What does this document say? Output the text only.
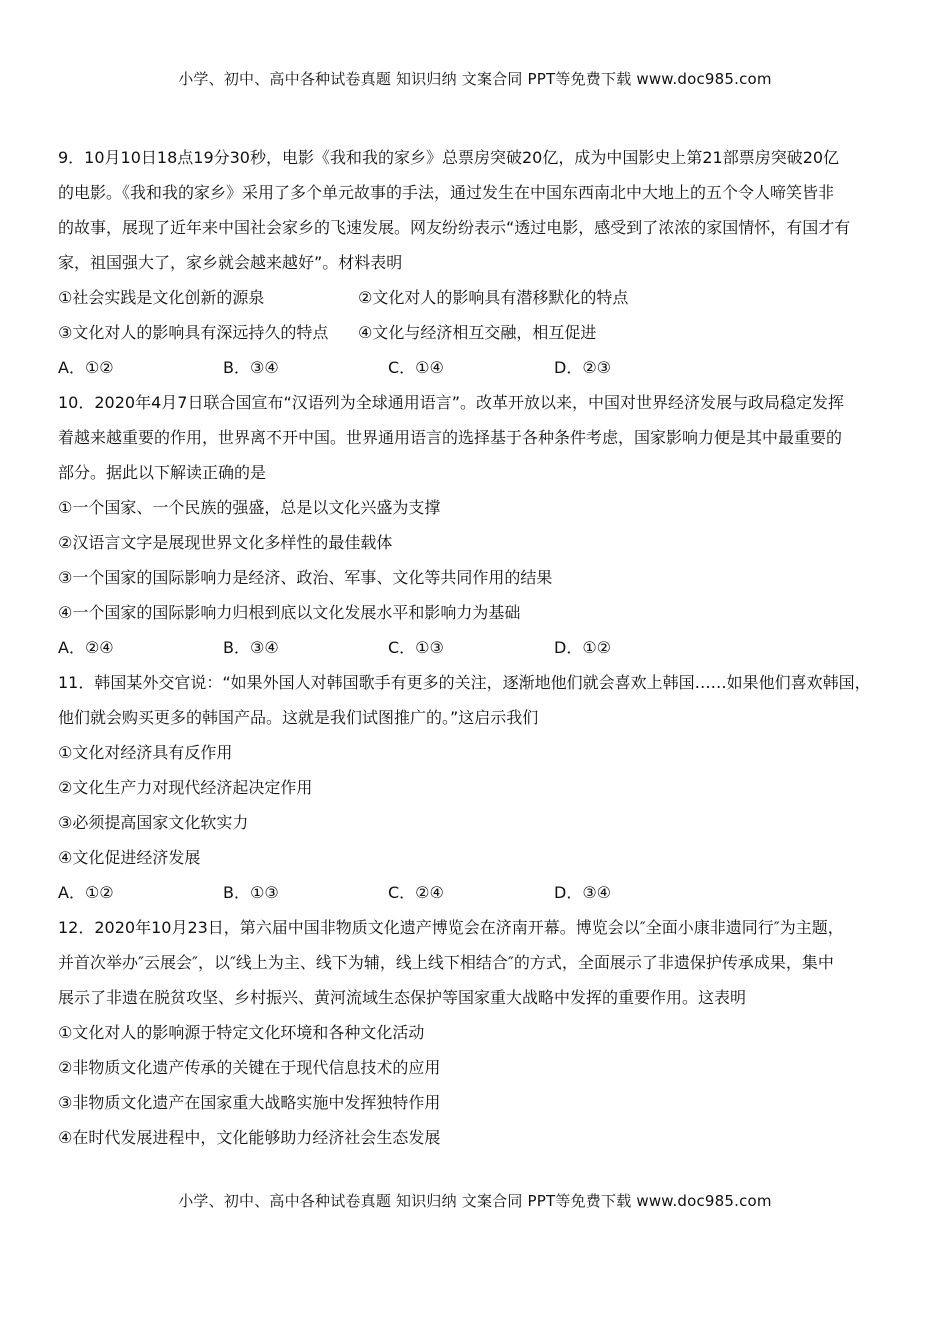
小学、初中、高中各种试卷真题 知识归纳 文案合同 PPT等免费下载 www.doc985.com
9．10月10日18点19分30秒，电影《我和我的家乡》总票房突破20亿，成为中国影史上第21部票房突破20亿
的电影。《我和我的家乡》采用了多个单元故事的手法，通过发生在中国东西南北中大地上的五个令人啼笑皆非
的故事，展现了近年来中国社会家乡的飞速发展。网友纷纷表示“透过电影，感受到了浓浓的家国情怀，有国才有
家，祖国强大了，家乡就会越来越好”。材料表明
①社会实践是文化创新的源泉	②文化对人的影响具有潜移默化的特点
③文化对人的影响具有深远持久的特点 ④文化与经济相互交融，相互促进
A．①②	B．③④	C．①④	D．②③
10．2020年4月7日联合国宣布“汉语列为全球通用语言”。改革开放以来，中国对世界经济发展与政局稳定发挥
着越来越重要的作用，世界离不开中国。世界通用语言的选择基于各种条件考虑，国家影响力便是其中最重要的
部分。据此以下解读正确的是
①一个国家、一个民族的强盛，总是以文化兴盛为支撑
②汉语言文字是展现世界文化多样性的最佳载体
③一个国家的国际影响力是经济、政治、军事、文化等共同作用的结果
④一个国家的国际影响力归根到底以文化发展水平和影响力为基础
A．②④	B．③④	C．①③	D．①②
11．韩国某外交官说：“如果外国人对韩国歌手有更多的关注，逐渐地他们就会喜欢上韩国……如果他们喜欢韩国，
他们就会购买更多的韩国产品。这就是我们试图推广的。”这启示我们
①文化对经济具有反作用
②文化生产力对现代经济起决定作用
③必须提高国家文化软实力
④文化促进经济发展
A．①②	B．①③	C．②④	D．③④
12．2020年10月23日，第六届中国非物质文化遗产博览会在济南开幕。博览会以″全面小康非遗同行″为主题，
并首次举办″云展会″，以″线上为主、线下为辅，线上线下相结合″的方式，全面展示了非遗保护传承成果，集中
展示了非遗在脱贫攻坚、乡村振兴、黄河流域生态保护等国家重大战略中发挥的重要作用。这表明
①文化对人的影响源于特定文化环境和各种文化活动
②非物质文化遗产传承的关键在于现代信息技术的应用
③非物质文化遗产在国家重大战略实施中发挥独特作用
④在时代发展进程中，文化能够助力经济社会生态发展
小学、初中、高中各种试卷真题 知识归纳 文案合同 PPT等免费下载 www.doc985.com
